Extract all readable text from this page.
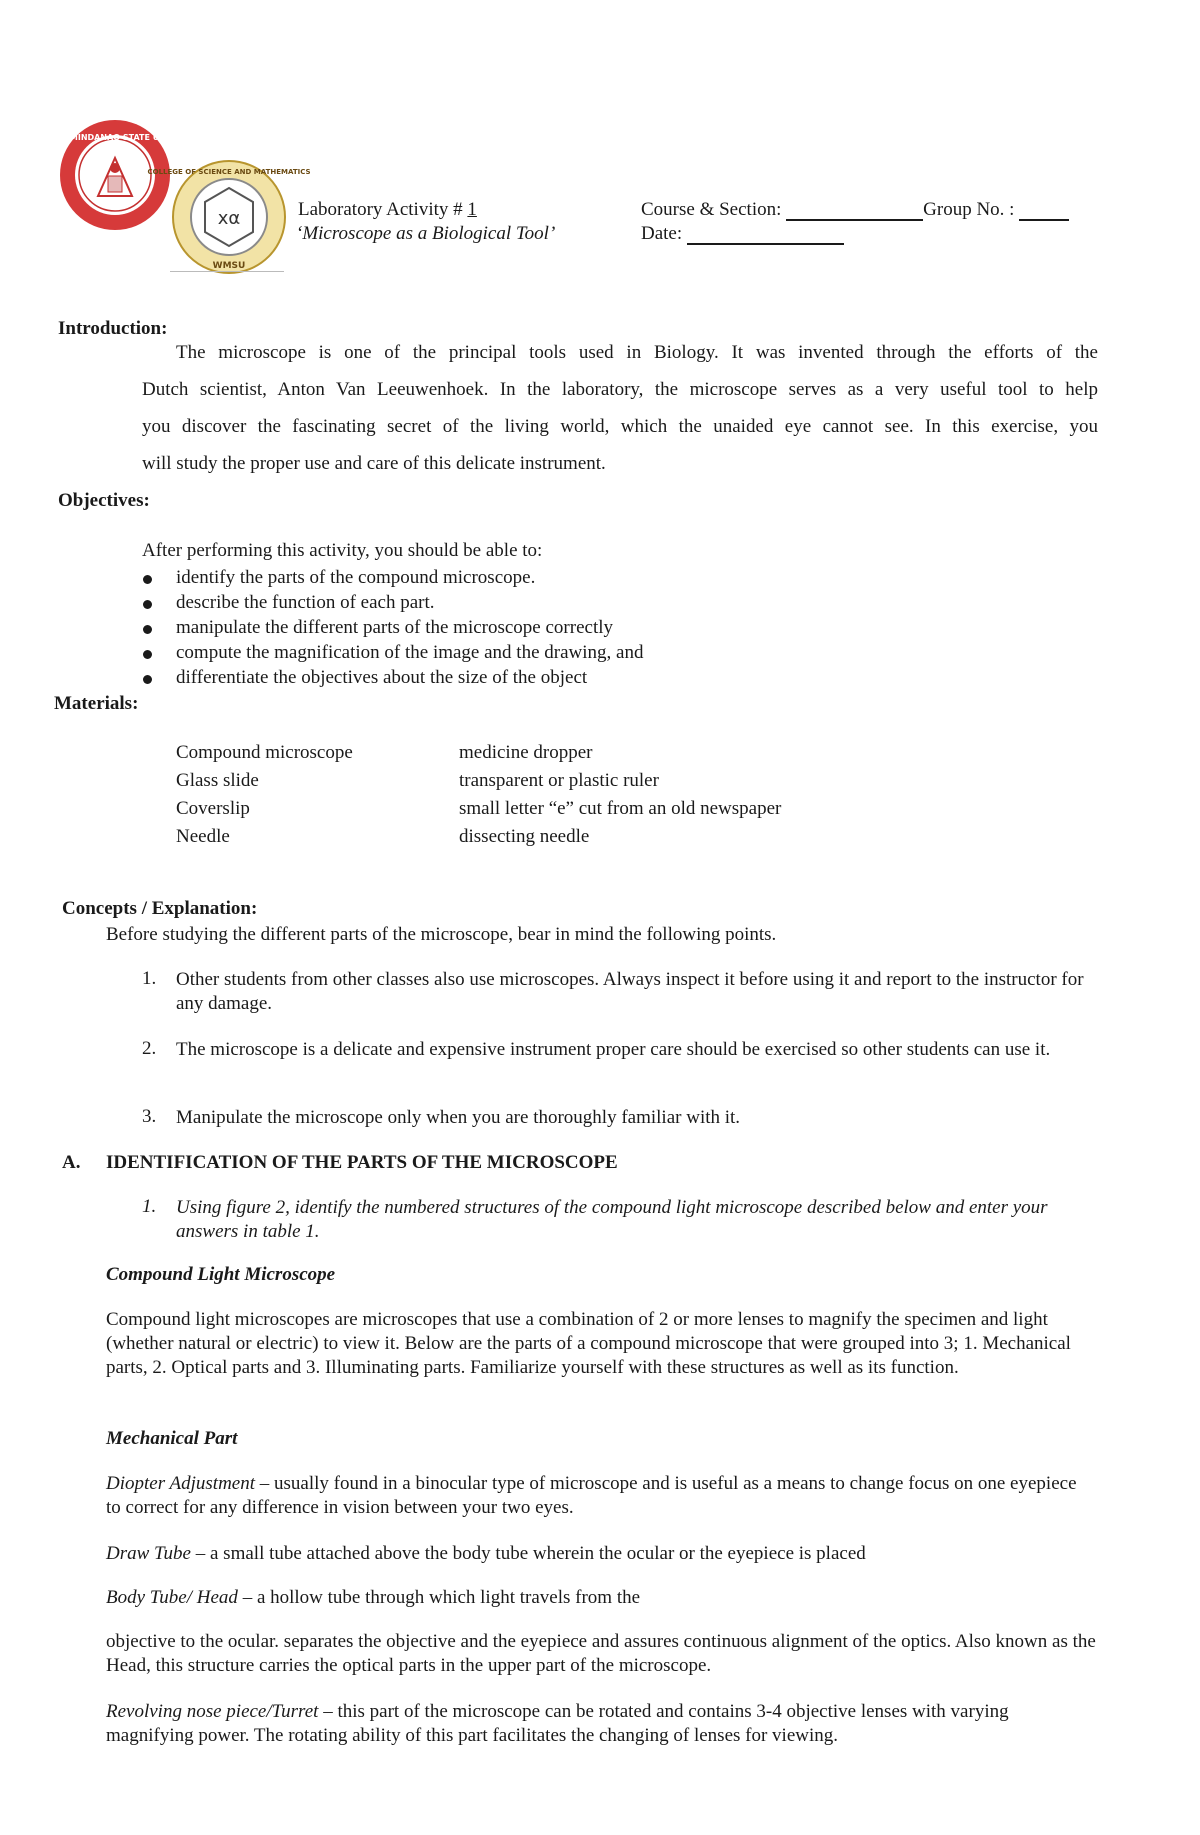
WESTERN MINDANAO STATE UNIVERSITY
xα
COLLEGE OF SCIENCE AND MATHEMATICS
WMSU
Laboratory Activity # 1
‘Microscope as a Biological Tool’
Course & Section:	Group No. :
Date:
Introduction:
The microscope is one of the principal tools used in Biology. It was invented through the efforts of the
Dutch scientist, Anton Van Leeuwenhoek. In the laboratory, the microscope serves as a very useful tool to help
you discover the fascinating secret of the living world, which the unaided eye cannot see. In this exercise, you
will study the proper use and care of this delicate instrument.
Objectives:
After performing this activity, you should be able to:
identify the parts of the compound microscope.
describe the function of each part.
manipulate the different parts of the microscope correctly
compute the magnification of the image and the drawing, and
differentiate the objectives about the size of the object
Materials:
Compound microscope
Glass slide
Coverslip
Needle
medicine dropper
transparent or plastic ruler
small letter “e” cut from an old newspaper
dissecting needle
Concepts / Explanation:
Before studying the different parts of the microscope, bear in mind the following points.
1. Other students from other classes also use microscopes. Always inspect it before using it and report to the instructor for any damage.
2. The microscope is a delicate and expensive instrument proper care should be exercised so other students can use it.
3. Manipulate the microscope only when you are thoroughly familiar with it.
A. IDENTIFICATION OF THE PARTS OF THE MICROSCOPE
1. Using figure 2, identify the numbered structures of the compound light microscope described below and enter your answers in table 1.
Compound Light Microscope
Compound light microscopes are microscopes that use a combination of 2 or more lenses to magnify the specimen and light (whether natural or electric) to view it. Below are the parts of a compound microscope that were grouped into 3; 1. Mechanical parts, 2. Optical parts and 3. Illuminating parts. Familiarize yourself with these structures as well as its function.
Mechanical Part
Diopter Adjustment – usually found in a binocular type of microscope and is useful as a means to change focus on one eyepiece to correct for any difference in vision between your two eyes.
Draw Tube – a small tube attached above the body tube wherein the ocular or the eyepiece is placed
Body Tube/ Head – a hollow tube through which light travels from the
objective to the ocular. separates the objective and the eyepiece and assures continuous alignment of the optics. Also known as the Head, this structure carries the optical parts in the upper part of the microscope.
Revolving nose piece/Turret – this part of the microscope can be rotated and contains 3-4 objective lenses with varying magnifying power. The rotating ability of this part facilitates the changing of lenses for viewing.
